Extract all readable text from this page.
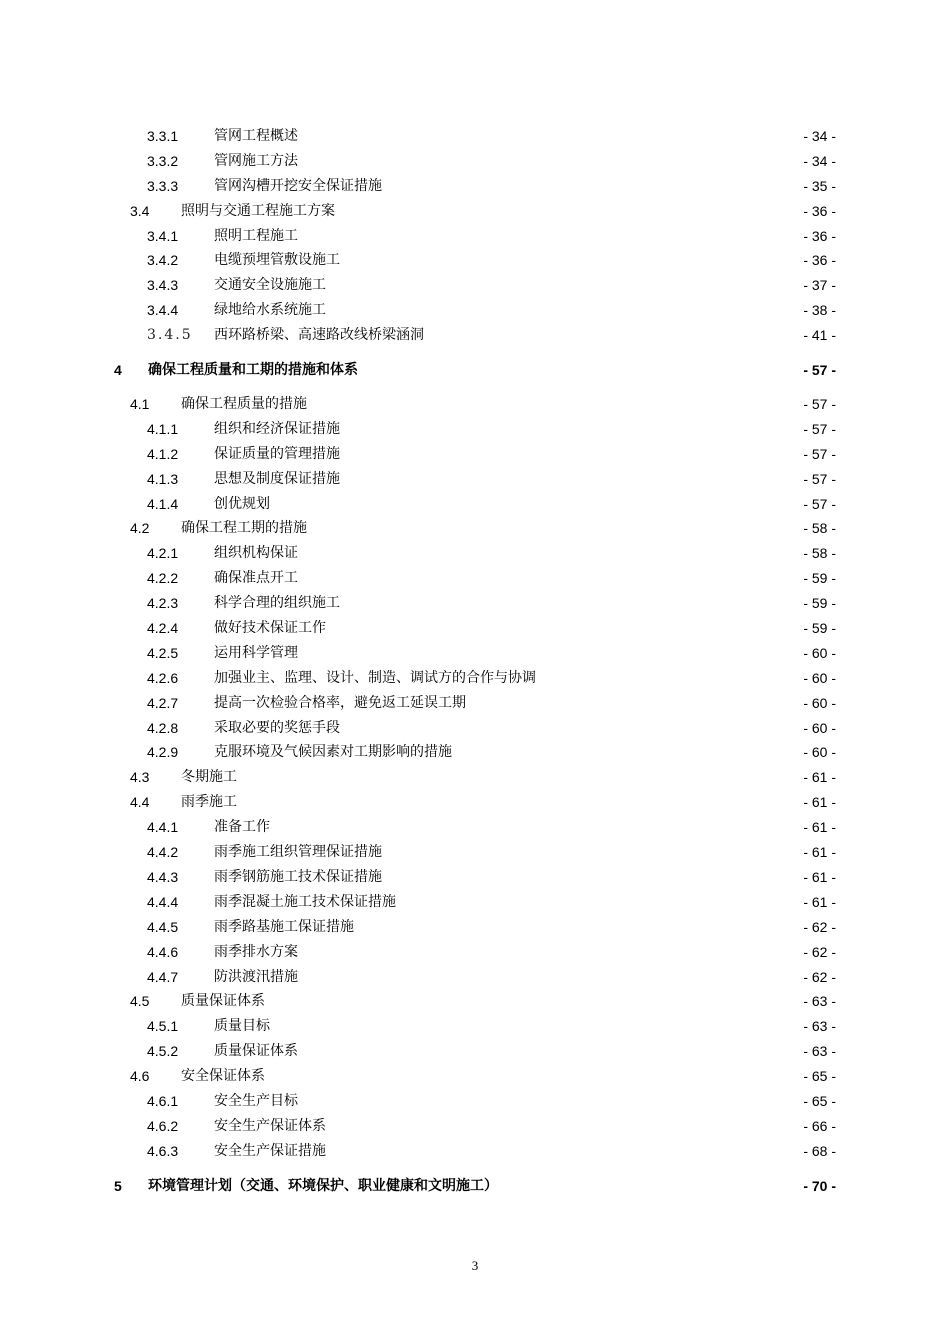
3.3.1	管网工程概述	- 34 -
3.3.2	管网施工方法	- 34 -
3.3.3	管网沟槽开挖安全保证措施	- 35 -
3.4 照明与交通工程施工方案	- 36 -
3.4.1	照明工程施工	- 36 -
3.4.2	电缆预埋管敷设施工	- 36 -
3.4.3	交通安全设施施工	- 37 -
3.4.4	绿地给水系统施工	- 38 -
3.4.5 西环路桥梁、高速路改线桥梁涵洞	- 41 -
4 确保工程质量和工期的措施和体系	- 57 -
4.1 确保工程质量的措施	- 57 -
4.1.1	组织和经济保证措施	- 57 -
4.1.2	保证质量的管理措施	- 57 -
4.1.3	思想及制度保证措施	- 57 -
4.1.4	创优规划	- 57 -
4.2 确保工程工期的措施	- 58 -
4.2.1	组织机构保证	- 58 -
4.2.2	确保准点开工	- 59 -
4.2.3	科学合理的组织施工	- 59 -
4.2.4	做好技术保证工作	- 59 -
4.2.5	运用科学管理	- 60 -
4.2.6	加强业主、监理、设计、制造、调试方的合作与协调	- 60 -
4.2.7	提高一次检验合格率，避免返工延误工期	- 60 -
4.2.8	采取必要的奖惩手段	- 60 -
4.2.9	克服环境及气候因素对工期影响的措施	- 60 -
4.3 冬期施工	- 61 -
4.4 雨季施工	- 61 -
4.4.1	准备工作	- 61 -
4.4.2	雨季施工组织管理保证措施	- 61 -
4.4.3	雨季钢筋施工技术保证措施	- 61 -
4.4.4	雨季混凝土施工技术保证措施	- 61 -
4.4.5	雨季路基施工保证措施	- 62 -
4.4.6	雨季排水方案	- 62 -
4.4.7	防洪渡汛措施	- 62 -
4.5 质量保证体系	- 63 -
4.5.1	质量目标	- 63 -
4.5.2	质量保证体系	- 63 -
4.6 安全保证体系	- 65 -
4.6.1	安全生产目标	- 65 -
4.6.2	安全生产保证体系	- 66 -
4.6.3	安全生产保证措施	- 68 -
5 环境管理计划（交通、环境保护、职业健康和文明施工）	- 70 -
3
